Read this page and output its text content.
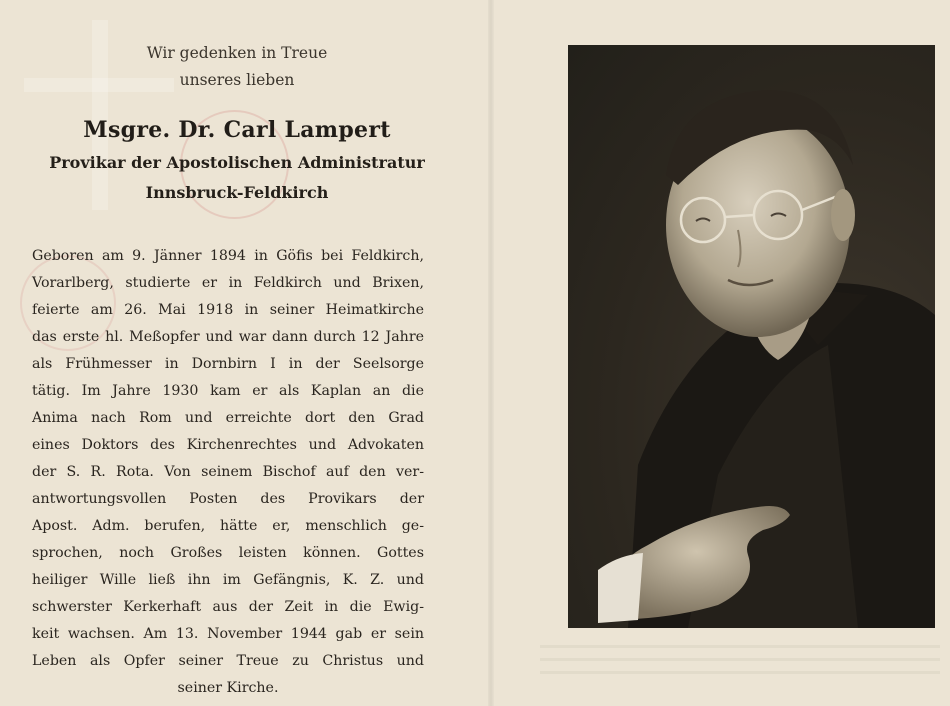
Wir gedenken in Treue
unseres lieben
Msgre. Dr. Carl Lampert
Provikar der Apostolischen Administratur
Innsbruck-Feldkirch
Geboren am 9. Jänner 1894 in Göfis bei Feldkirch,
Vorarlberg, studierte er in Feldkirch und Brixen,
feierte am 26. Mai 1918 in seiner Heimatkirche
das erste hl. Meßopfer und war dann durch 12 Jahre
als Frühmesser in Dornbirn I in der Seelsorge
tätig. Im Jahre 1930 kam er als Kaplan an die
Anima nach Rom und erreichte dort den Grad
eines Doktors des Kirchenrechtes und Advokaten
der S. R. Rota. Von seinem Bischof auf den ver-
antwortungsvollen Posten des Provikars der
Apost. Adm. berufen, hätte er, menschlich ge-
sprochen, noch Großes leisten können. Gottes
heiliger Wille ließ ihn im Gefängnis, K. Z. und
schwerster Kerkerhaft aus der Zeit in die Ewig-
keit wachsen. Am 13. November 1944 gab er sein
Leben als Opfer seiner Treue zu Christus und
seiner Kirche.
